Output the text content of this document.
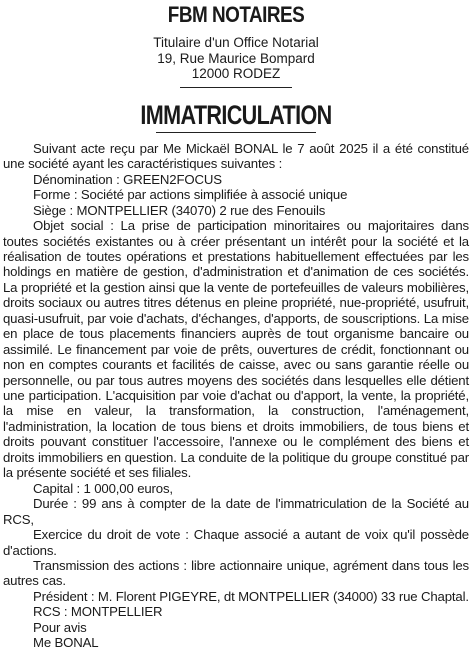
FBM NOTAIRES
Titulaire d'un Office Notarial
19, Rue Maurice Bompard
12000 RODEZ
IMMATRICULATION

Suivant acte reçu par Me Mickaël BONAL le 7 août 2025 il a été constitué une société ayant les caractéristiques suivantes :

Dénomination : GREEN2FOCUS

Forme : Société par actions simplifiée à associé unique

Siège : MONTPELLIER (34070) 2 rue des Fenouils

Objet social : La prise de participation minoritaires ou majoritaires dans toutes sociétés existantes ou à créer présentant un intérêt pour la société et la réalisation de toutes opérations et prestations habituellement effectuées par les holdings en matière de gestion, d'administration et d'animation de ces sociétés. La propriété et la gestion ainsi que la vente de portefeuilles de valeurs mobilières, droits sociaux ou autres titres détenus en pleine propriété, nue-propriété, usufruit, quasi-usufruit, par voie d'achats, d'échanges, d'apports, de souscriptions. La mise en place de tous placements financiers auprès de tout organisme bancaire ou assimilé. Le financement par voie de prêts, ouvertures de crédit, fonctionnant ou non en comptes courants et facilités de caisse, avec ou sans garantie réelle ou personnelle, ou par tous autres moyens des sociétés dans lesquelles elle détient une participation. L'acquisition par voie d'achat ou d'apport, la vente, la propriété, la mise en valeur, la transformation, la construction, l'aménagement, l'administration, la location de tous biens et droits immobiliers, de tous biens et droits pouvant constituer l'accessoire, l'annexe ou le complément des biens et droits immobiliers en question. La conduite de la politique du groupe constitué par la présente société et ses filiales.

Capital : 1 000,00 euros,

Durée : 99 ans à compter de la date de l'immatriculation de la Société au RCS,

Exercice du droit de vote : Chaque associé a autant de voix qu'il possède d'actions.

Transmission des actions : libre actionnaire unique, agrément dans tous les autres cas.

Président : M. Florent PIGEYRE, dt MONTPELLIER (34000) 33 rue Chaptal.

RCS : MONTPELLIER

Pour avis

Me BONAL
